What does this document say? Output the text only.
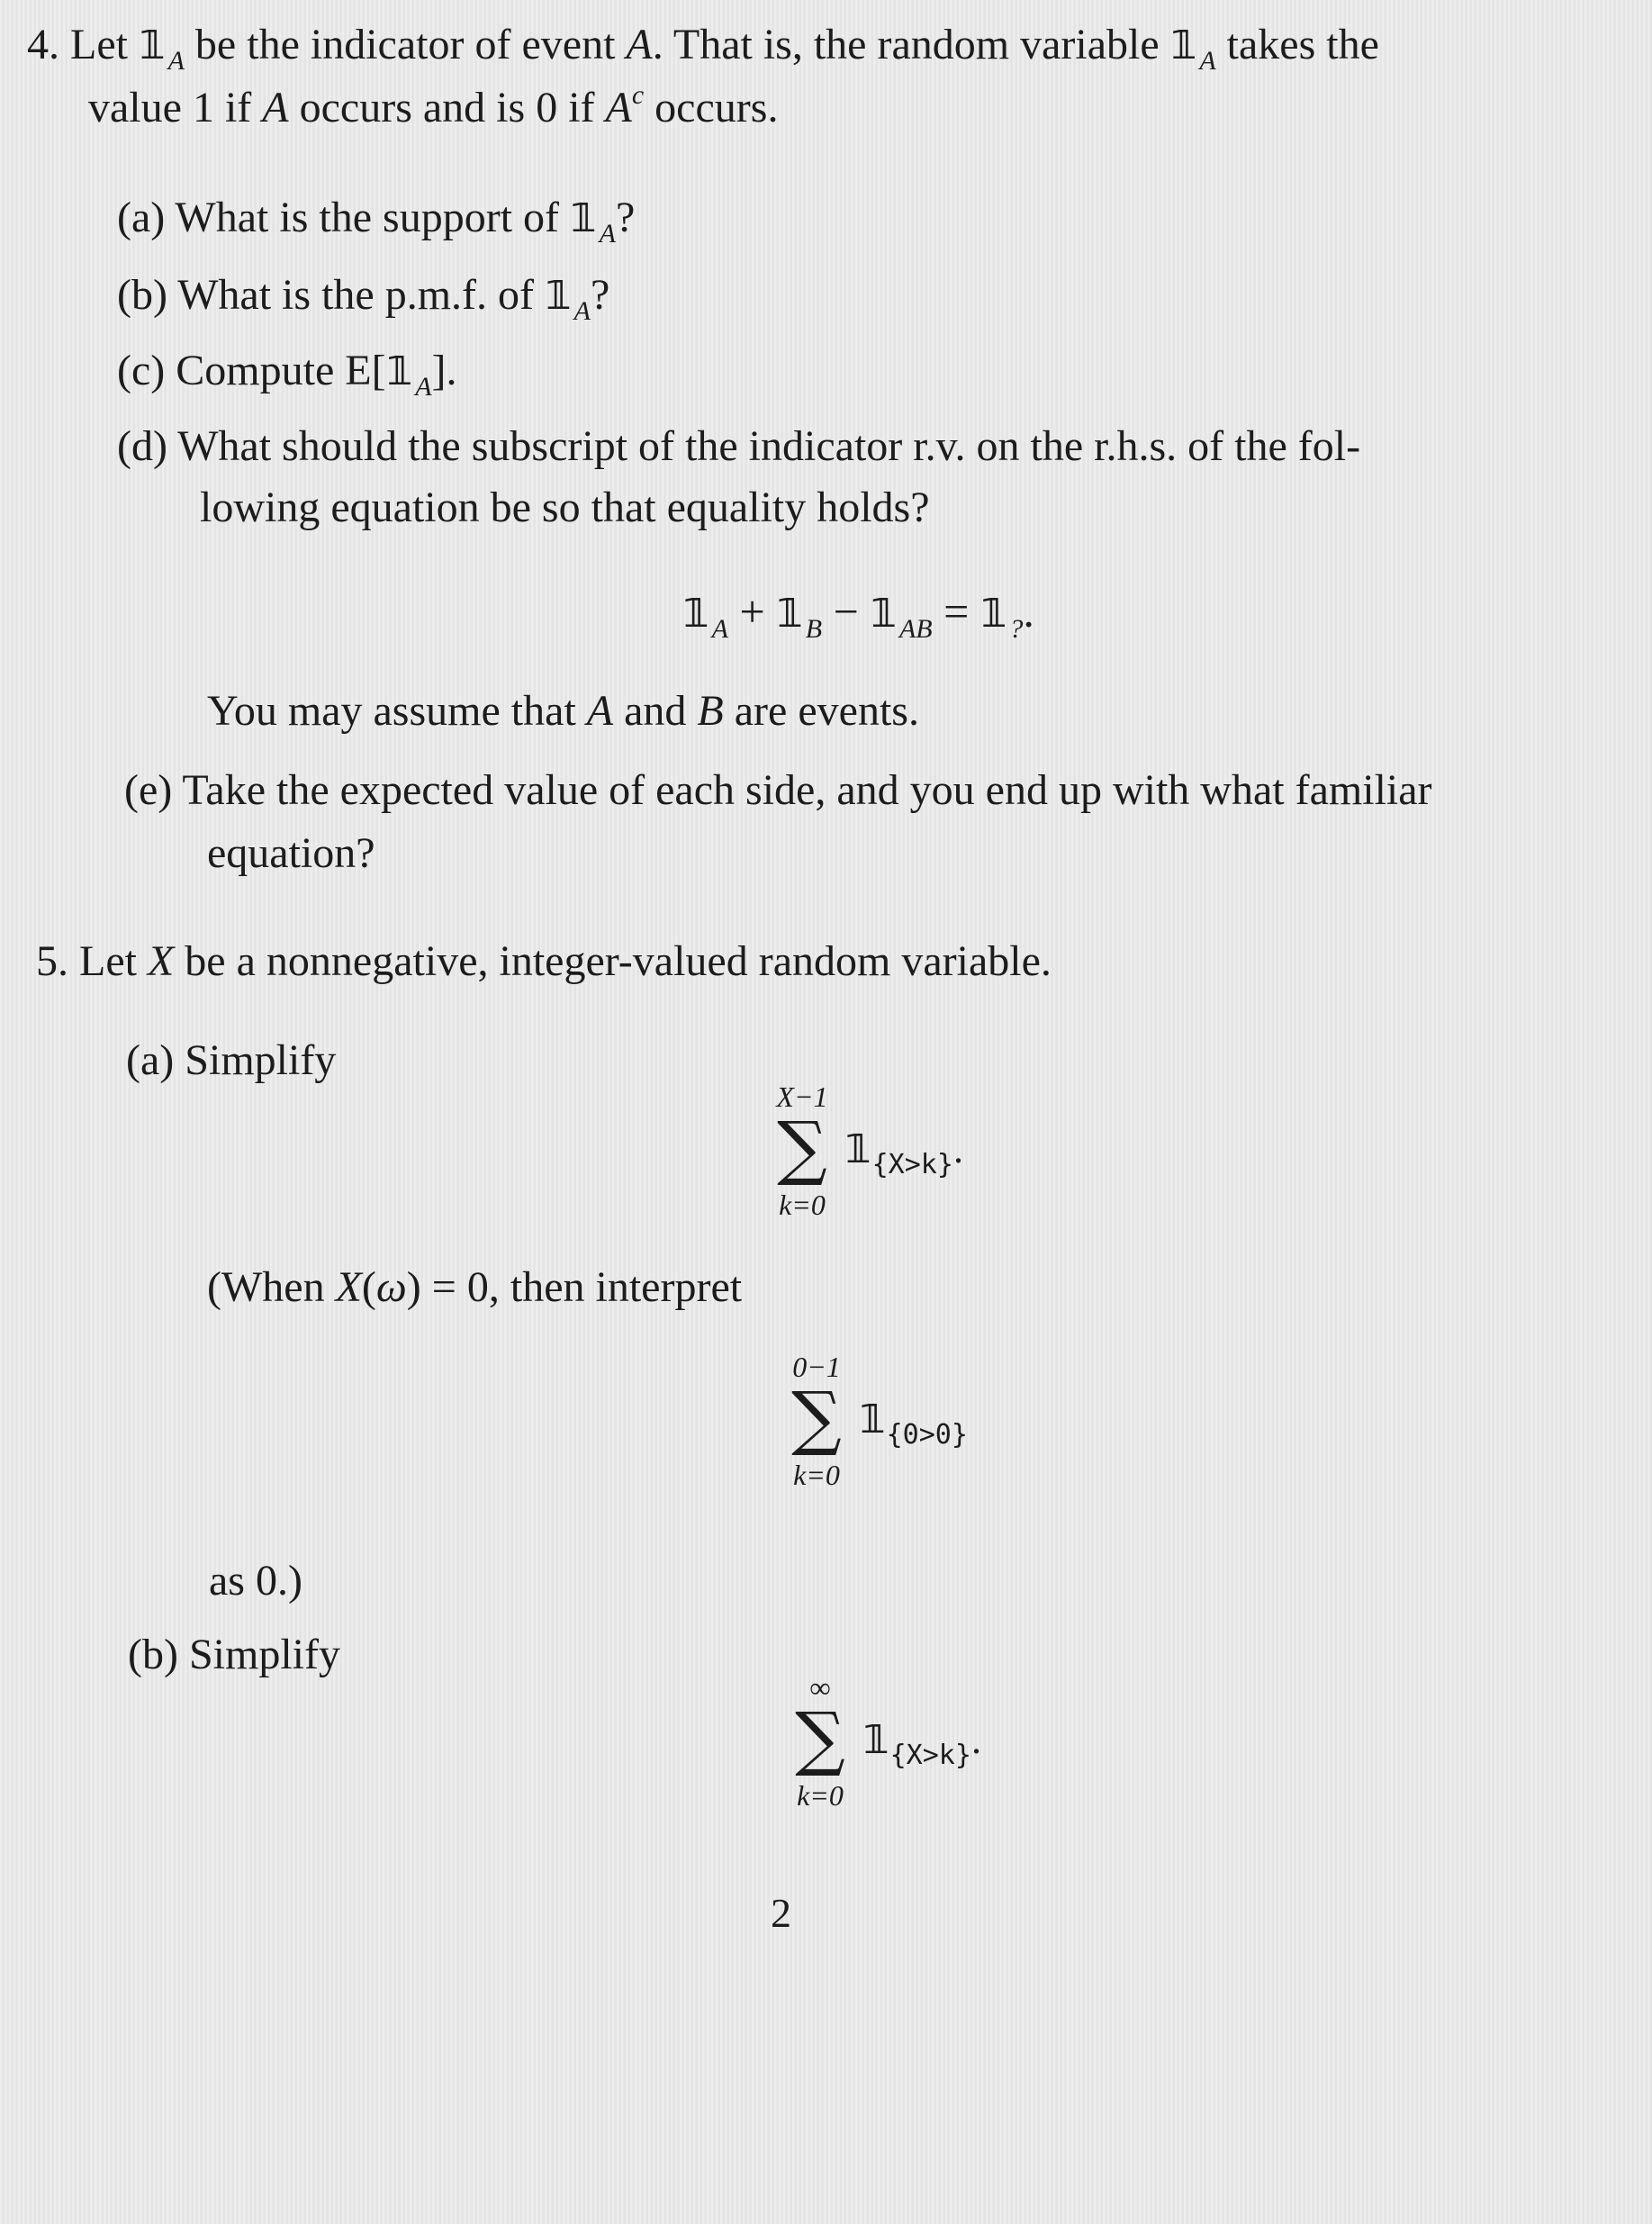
4. Let $𝟙_A$ be the indicator of event A. That is, the random variable $𝟙_A$ takes the
value 1 if A occurs and is 0 if $A^c$ occurs.
(a) What is the support of $𝟙_A$?
(b) What is the p.m.f. of $𝟙_A$?
(c) Compute $E[𝟙_A]$.
(d) What should the subscript of the indicator r.v. on the r.h.s. of the fol-
lowing equation be so that equality holds?
$𝟙_A$ + $𝟙_B$ − $𝟙_{AB}$ = $𝟙_?$.
You may assume that A and B are events.
(e) Take the expected value of each side, and you end up with what familiar
equation?
5. Let X be a nonnegative, integer-valued random variable.
(a) Simplify
X−1
∑
k=0
$𝟙_{\{X>k\}}$.
(When X(ω) = 0, then interpret
0−1
∑
k=0
$𝟙_{\{0>0\}}$
as 0.)
(b) Simplify
∞
∑
k=0
$𝟙_{\{X>k\}}$.
2
